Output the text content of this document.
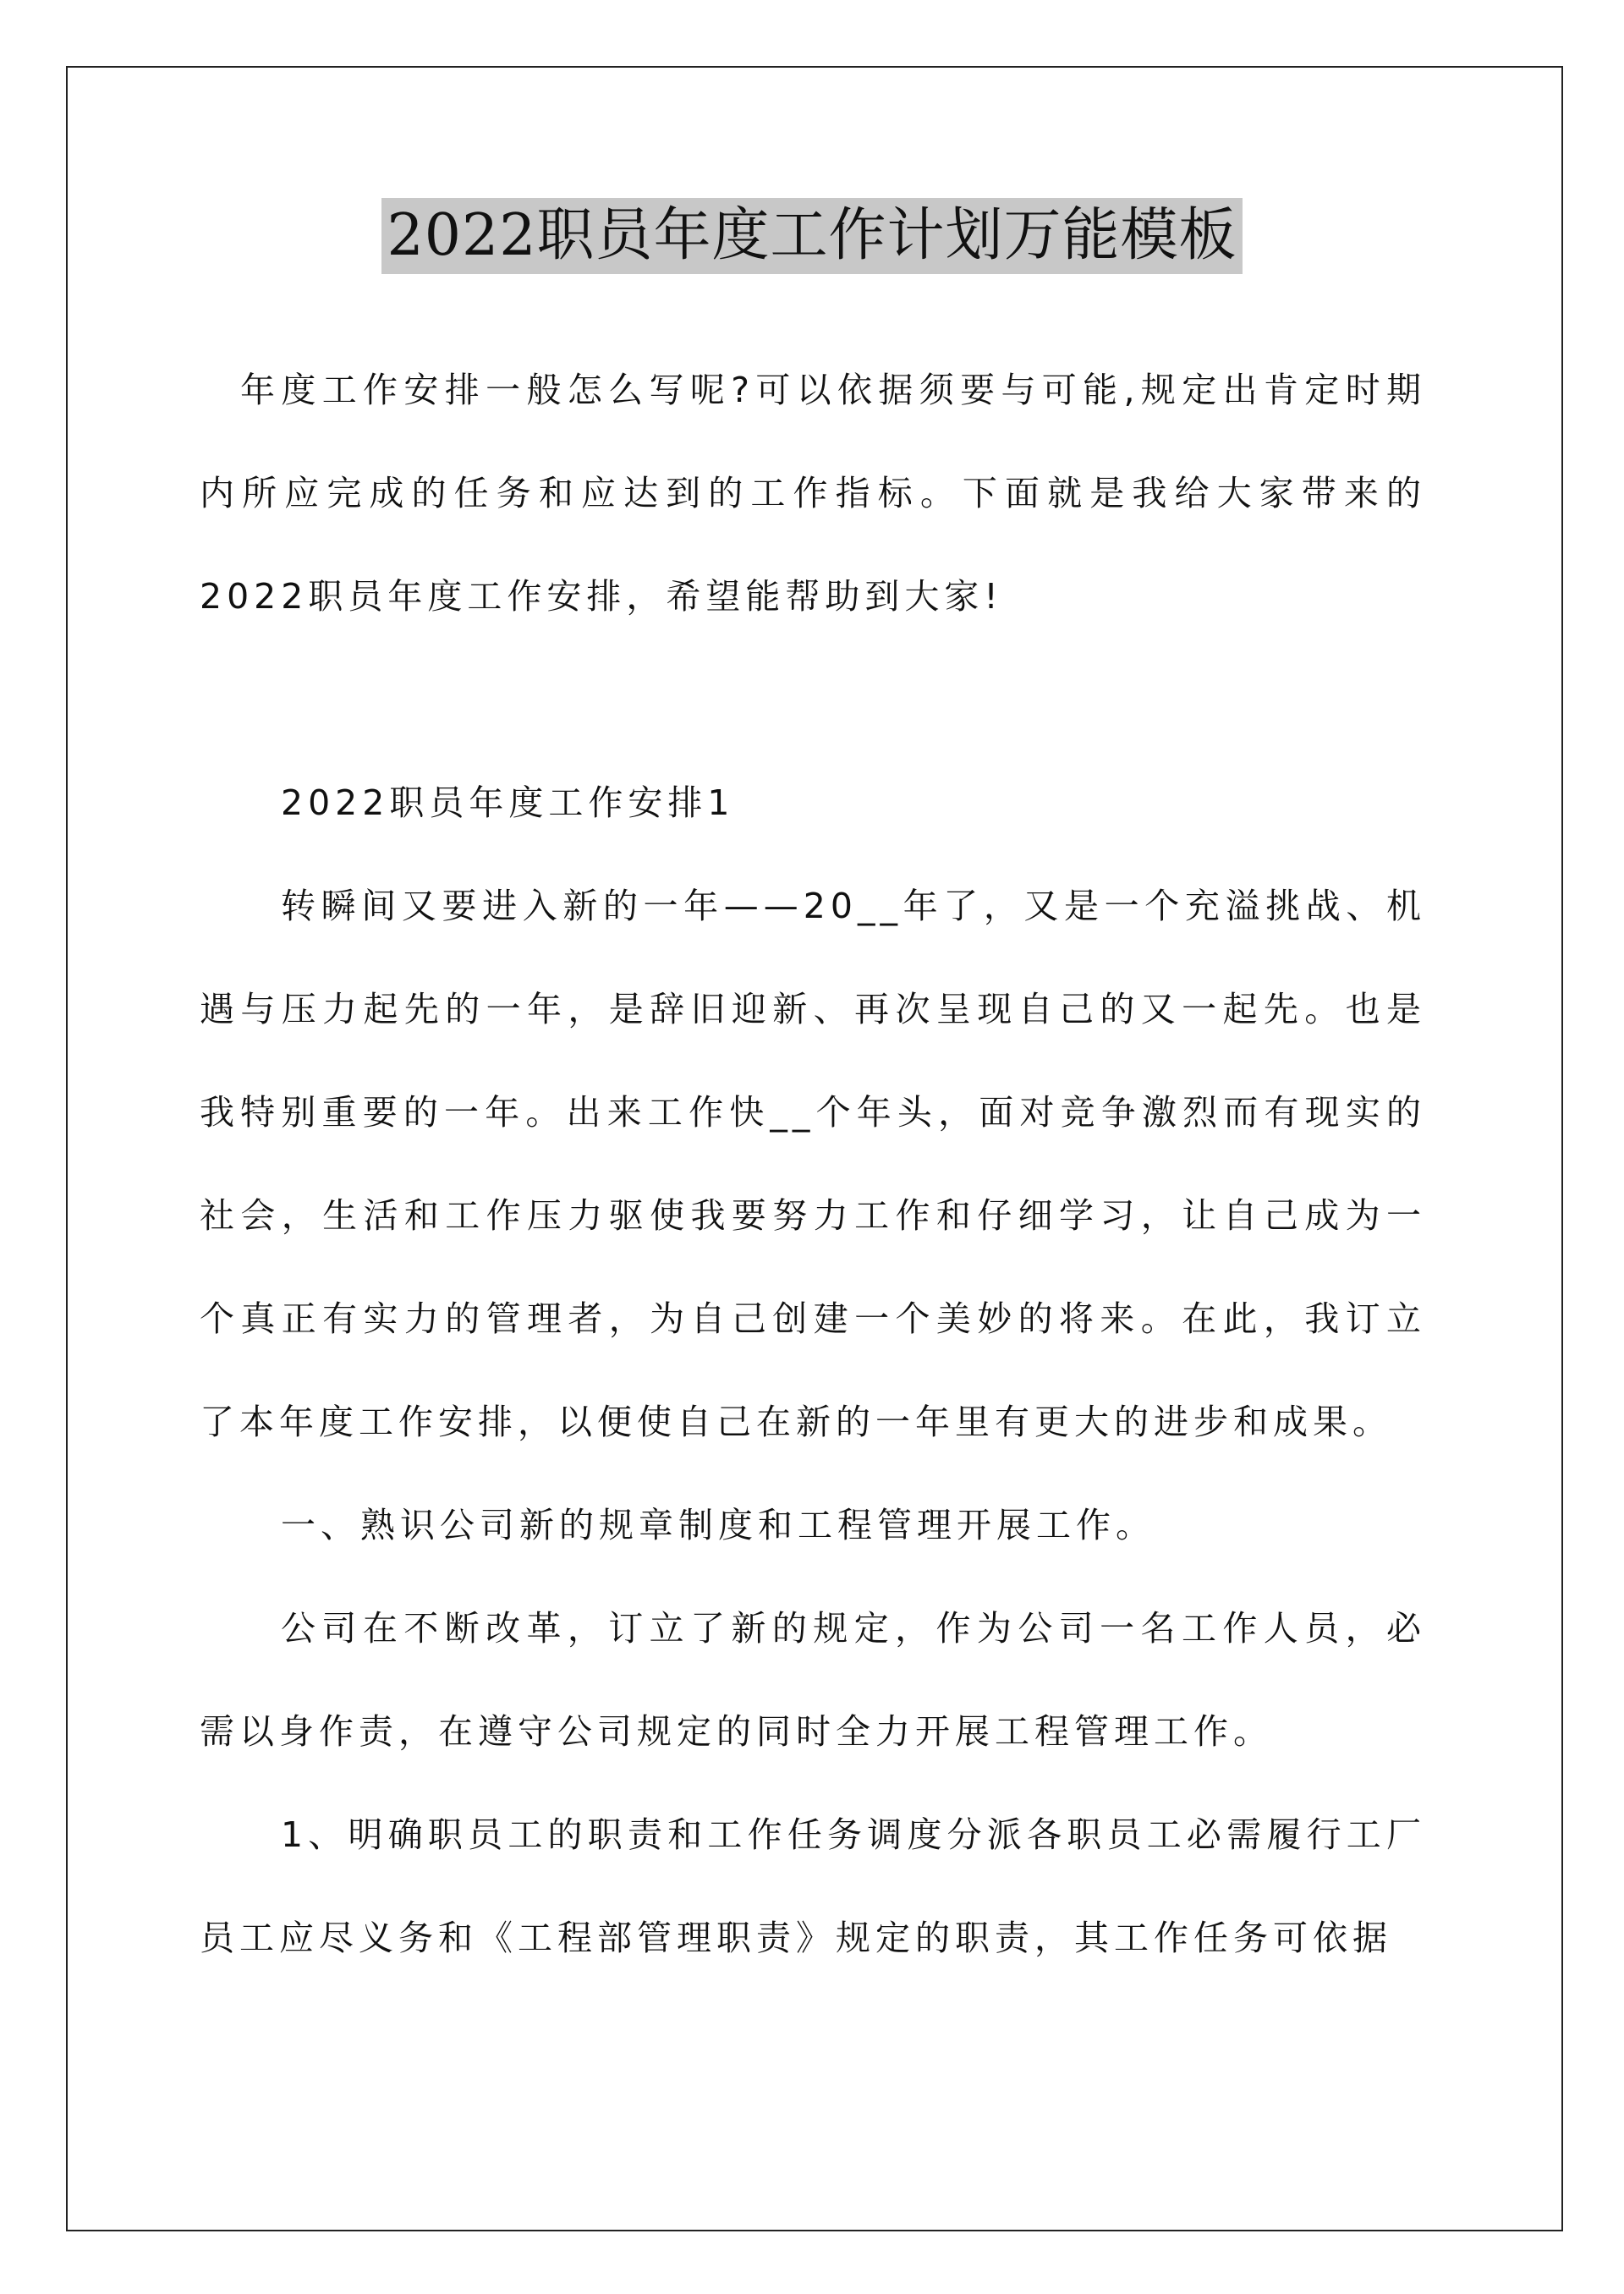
2022职员年度工作计划万能模板

年度工作安排一般怎么写呢?可以依据须要与可能,规定出肯定时期内所应完成的任务和应达到的工作指标。下面就是我给大家带来的2022职员年度工作安排，希望能帮助到大家!

2022职员年度工作安排1

转瞬间又要进入新的一年——20__年了，又是一个充溢挑战、机遇与压力起先的一年，是辞旧迎新、再次呈现自己的又一起先。也是我特别重要的一年。出来工作快__个年头，面对竞争激烈而有现实的社会，生活和工作压力驱使我要努力工作和仔细学习，让自己成为一个真正有实力的管理者，为自己创建一个美妙的将来。在此，我订立了本年度工作安排，以便使自己在新的一年里有更大的进步和成果。

一、熟识公司新的规章制度和工程管理开展工作。

公司在不断改革，订立了新的规定，作为公司一名工作人员，必需以身作责，在遵守公司规定的同时全力开展工程管理工作。

1、明确职员工的职责和工作任务调度分派各职员工必需履行工厂员工应尽义务和《工程部管理职责》规定的职责，其工作任务可依据
